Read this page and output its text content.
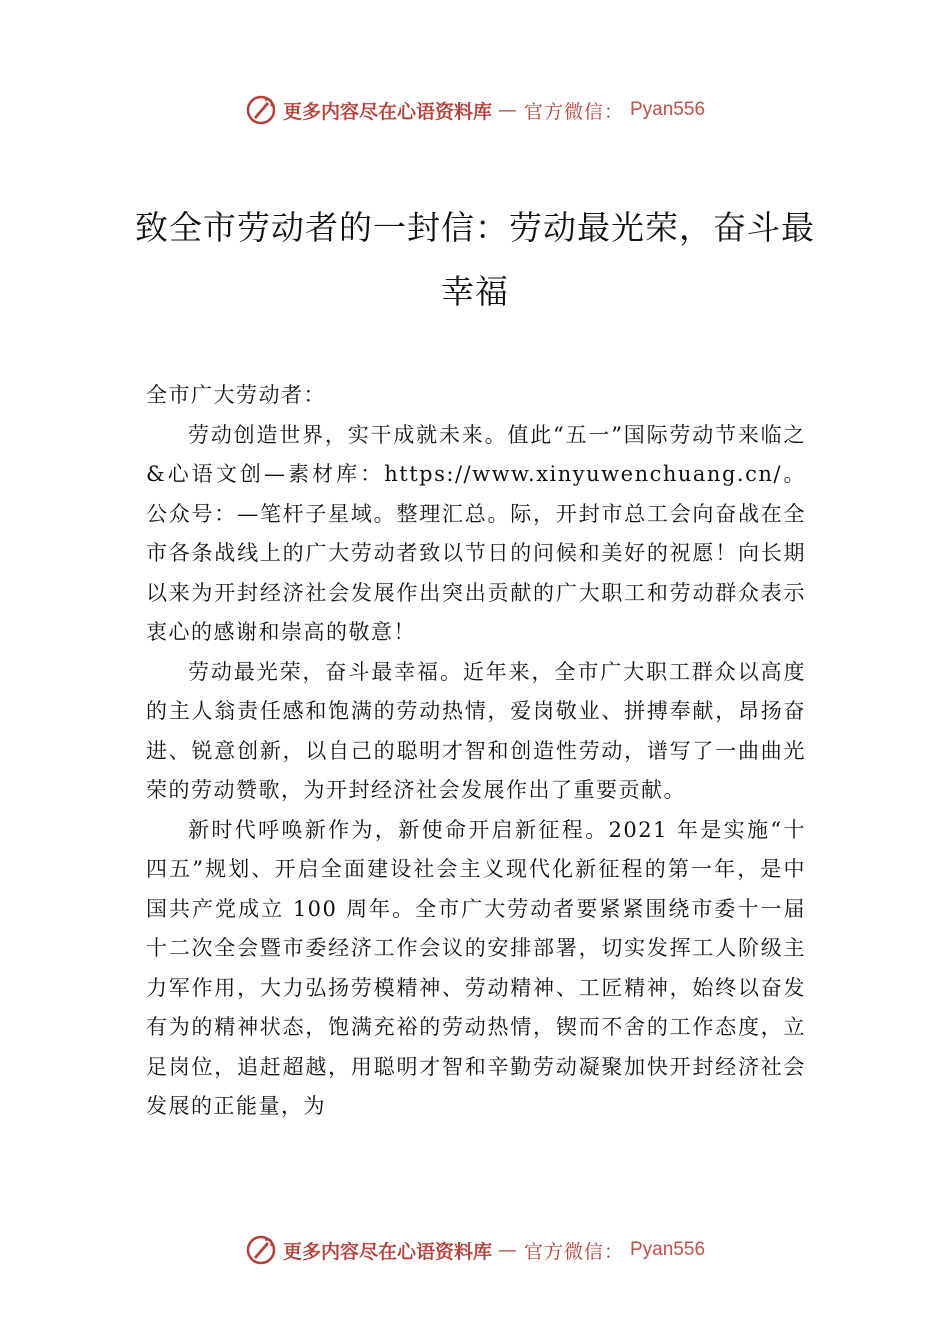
更多内容尽在心语资料库 — 官方微信： Pyan556
致全市劳动者的一封信：劳动最光荣，奋斗最幸福

全市广大劳动者：

劳动创造世界，实干成就未来。值此“五一”国际劳动节来临之&心语文创—素材库：https://www.xinyuwenchuang.cn/。公众号：—笔杆子星域。整理汇总。际，开封市总工会向奋战在全市各条战线上的广大劳动者致以节日的问候和美好的祝愿！向长期以来为开封经济社会发展作出突出贡献的广大职工和劳动群众表示衷心的感谢和崇高的敬意！

劳动最光荣，奋斗最幸福。近年来，全市广大职工群众以高度的主人翁责任感和饱满的劳动热情，爱岗敬业、拼搏奉献，昂扬奋进、锐意创新，以自己的聪明才智和创造性劳动，谱写了一曲曲光荣的劳动赞歌，为开封经济社会发展作出了重要贡献。

新时代呼唤新作为，新使命开启新征程。2021 年是实施“十四五”规划、开启全面建设社会主义现代化新征程的第一年，是中国共产党成立 100 周年。全市广大劳动者要紧紧围绕市委十一届十二次全会暨市委经济工作会议的安排部署，切实发挥工人阶级主力军作用，大力弘扬劳模精神、劳动精神、工匠精神，始终以奋发有为的精神状态，饱满充裕的劳动热情，锲而不舍的工作态度，立足岗位，追赶超越，用聪明才智和辛勤劳动凝聚加快开封经济社会发展的正能量，为

更多内容尽在心语资料库 — 官方微信： Pyan556
